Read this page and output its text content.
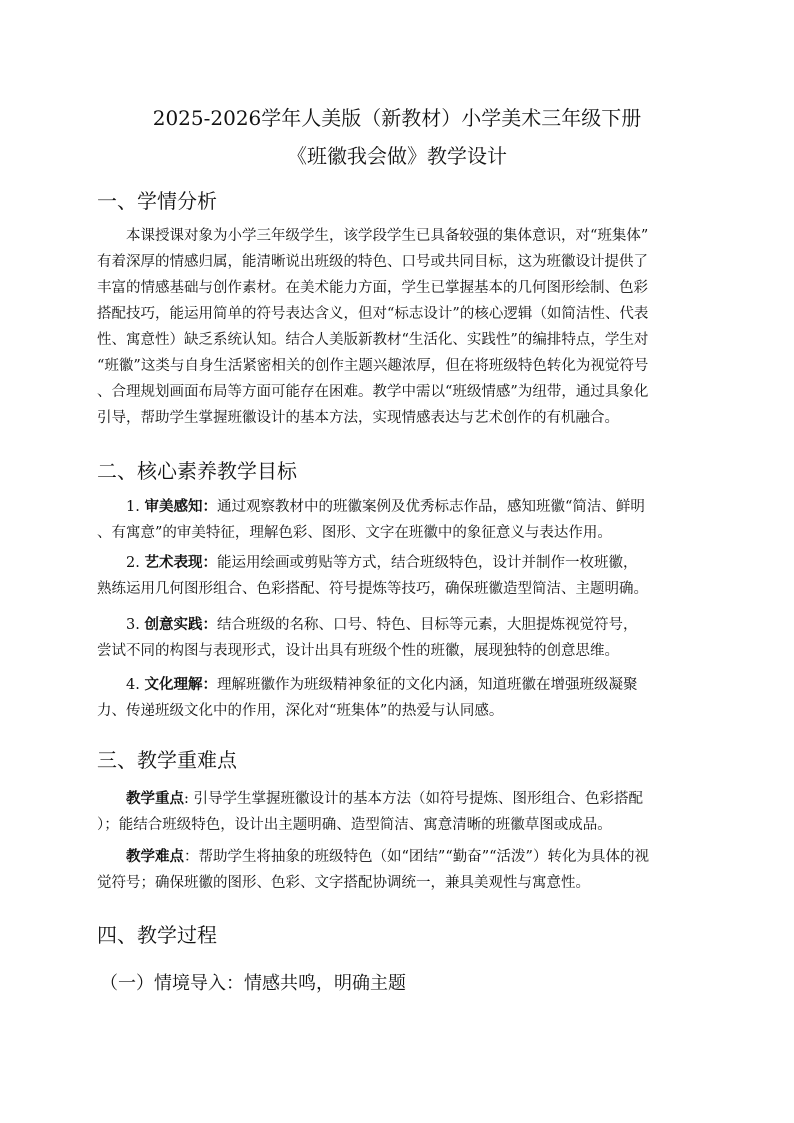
2025-2026学年人美版（新教材）小学美术三年级下册
《班徽我会做》教学设计
一、学情分析
本课授课对象为小学三年级学生，该学段学生已具备较强的集体意识，对“班集体”
有着深厚的情感归属，能清晰说出班级的特色、口号或共同目标，这为班徽设计提供了
丰富的情感基础与创作素材。在美术能力方面，学生已掌握基本的几何图形绘制、色彩
搭配技巧，能运用简单的符号表达含义，但对“标志设计”的核心逻辑（如简洁性、代表
性、寓意性）缺乏系统认知。结合人美版新教材“生活化、实践性”的编排特点，学生对
“班徽”这类与自身生活紧密相关的创作主题兴趣浓厚，但在将班级特色转化为视觉符号
、合理规划画面布局等方面可能存在困难。教学中需以“班级情感”为纽带，通过具象化
引导，帮助学生掌握班徽设计的基本方法，实现情感表达与艺术创作的有机融合。
二、核心素养教学目标
1. 审美感知：通过观察教材中的班徽案例及优秀标志作品，感知班徽“简洁、鲜明
、有寓意”的审美特征，理解色彩、图形、文字在班徽中的象征意义与表达作用。
2. 艺术表现：能运用绘画或剪贴等方式，结合班级特色，设计并制作一枚班徽，
熟练运用几何图形组合、色彩搭配、符号提炼等技巧，确保班徽造型简洁、主题明确。
3. 创意实践：结合班级的名称、口号、特色、目标等元素，大胆提炼视觉符号，
尝试不同的构图与表现形式，设计出具有班级个性的班徽，展现独特的创意思维。
4. 文化理解：理解班徽作为班级精神象征的文化内涵，知道班徽在增强班级凝聚
力、传递班级文化中的作用，深化对“班集体”的热爱与认同感。
三、教学重难点
教学重点: 引导学生掌握班徽设计的基本方法（如符号提炼、图形组合、色彩搭配
）；能结合班级特色，设计出主题明确、造型简洁、寓意清晰的班徽草图或成品。
教学难点：帮助学生将抽象的班级特色（如“团结”“勤奋”“活泼”）转化为具体的视
觉符号；确保班徽的图形、色彩、文字搭配协调统一，兼具美观性与寓意性。
四、教学过程
（一）情境导入：情感共鸣，明确主题
